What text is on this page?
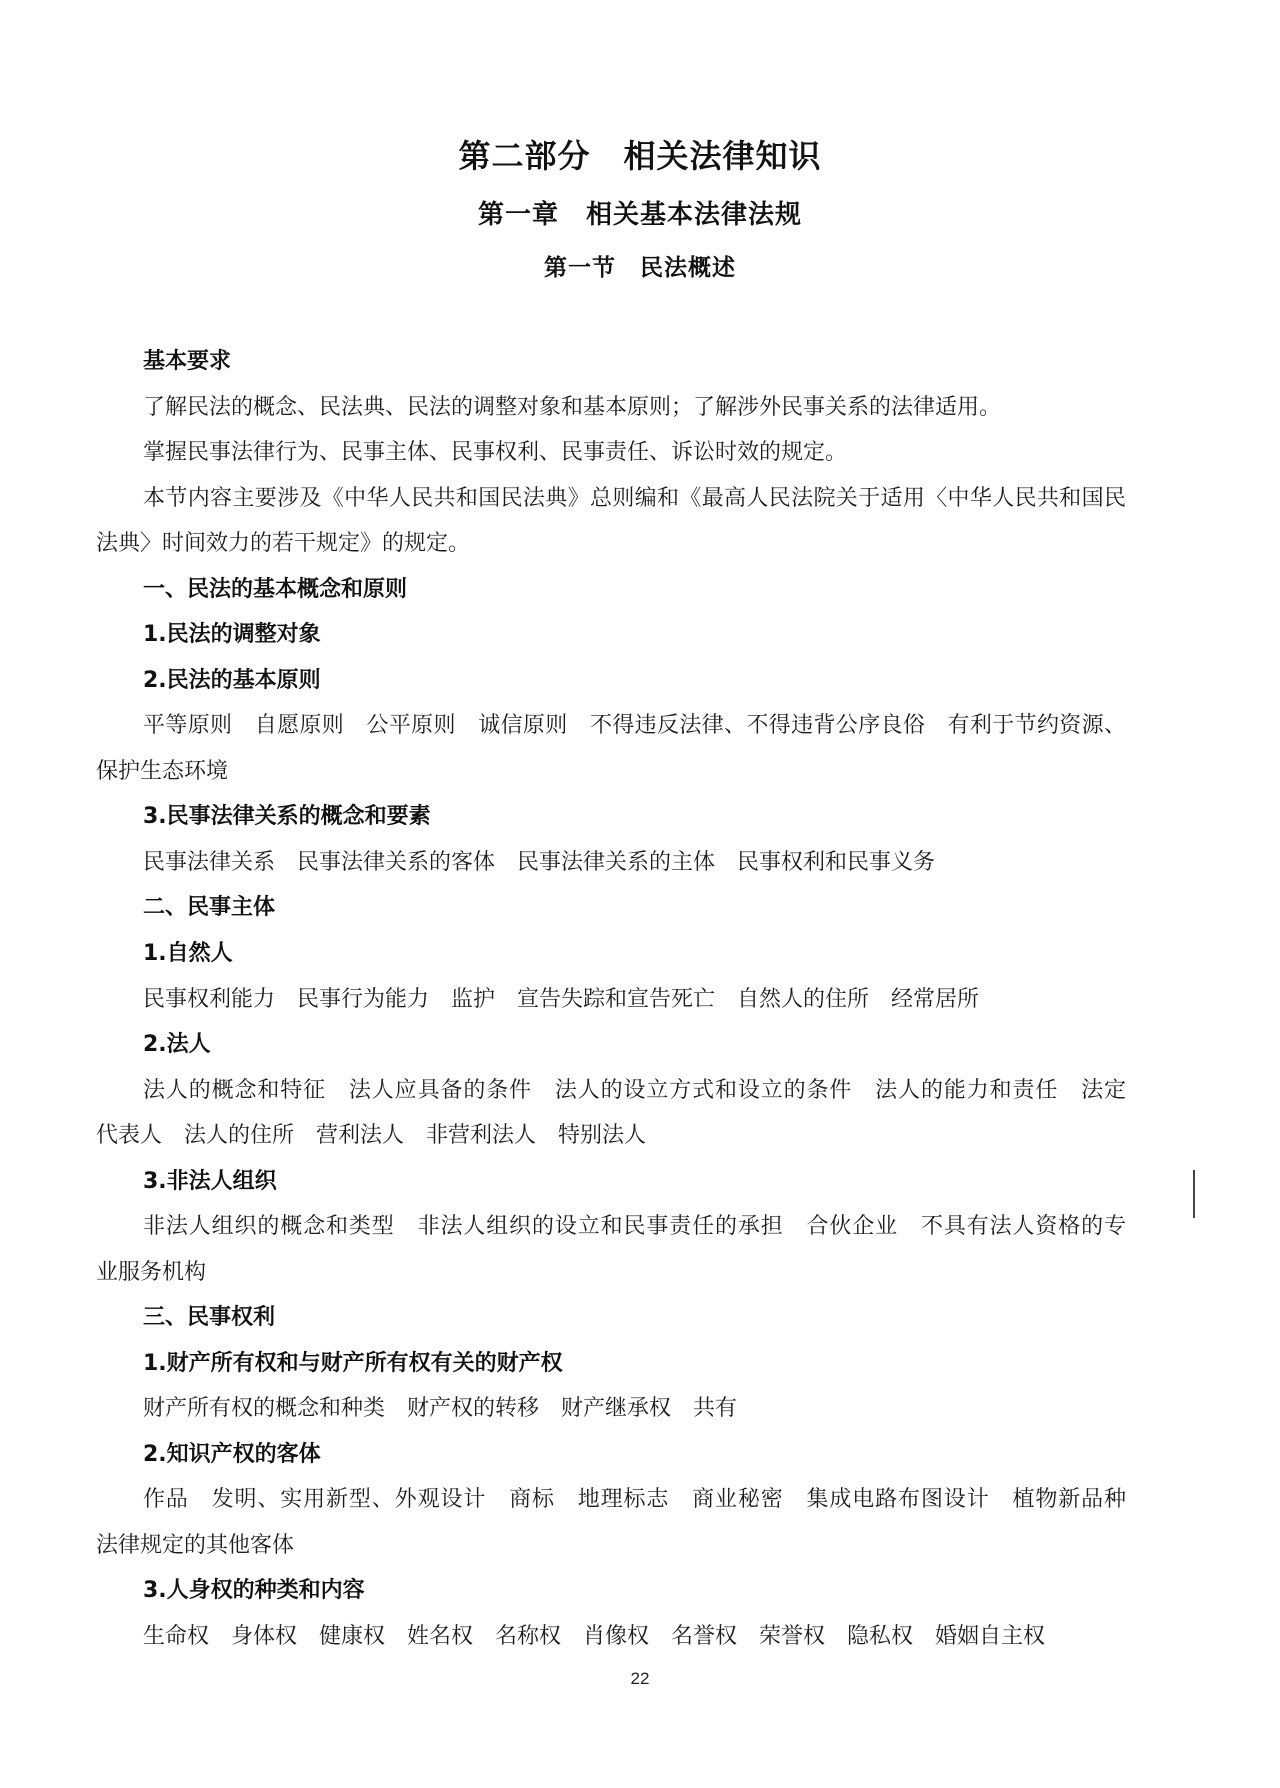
第二部分　相关法律知识
第一章　相关基本法律法规
第一节　民法概述

基本要求

了解民法的概念、民法典、民法的调整对象和基本原则；了解涉外民事关系的法律适用。

掌握民事法律行为、民事主体、民事权利、民事责任、诉讼时效的规定。

本节内容主要涉及《中华人民共和国民法典》总则编和《最高人民法院关于适用〈中华人民共和国民

法典〉时间效力的若干规定》的规定。

一、民法的基本概念和原则

1.民法的调整对象

2.民法的基本原则

平等原则　自愿原则　公平原则　诚信原则　不得违反法律、不得违背公序良俗　有利于节约资源、

保护生态环境

3.民事法律关系的概念和要素

民事法律关系　民事法律关系的客体　民事法律关系的主体　民事权利和民事义务

二、民事主体

1.自然人

民事权利能力　民事行为能力　监护　宣告失踪和宣告死亡　自然人的住所　经常居所

2.法人

法人的概念和特征　法人应具备的条件　法人的设立方式和设立的条件　法人的能力和责任　法定

代表人　法人的住所　营利法人　非营利法人　特别法人

3.非法人组织

非法人组织的概念和类型　非法人组织的设立和民事责任的承担　合伙企业　不具有法人资格的专

业服务机构

三、民事权利

1.财产所有权和与财产所有权有关的财产权

财产所有权的概念和种类　财产权的转移　财产继承权　共有

2.知识产权的客体

作品　发明、实用新型、外观设计　商标　地理标志　商业秘密　集成电路布图设计　植物新品种

法律规定的其他客体

3.人身权的种类和内容

生命权　身体权　健康权　姓名权　名称权　肖像权　名誉权　荣誉权　隐私权　婚姻自主权

22
